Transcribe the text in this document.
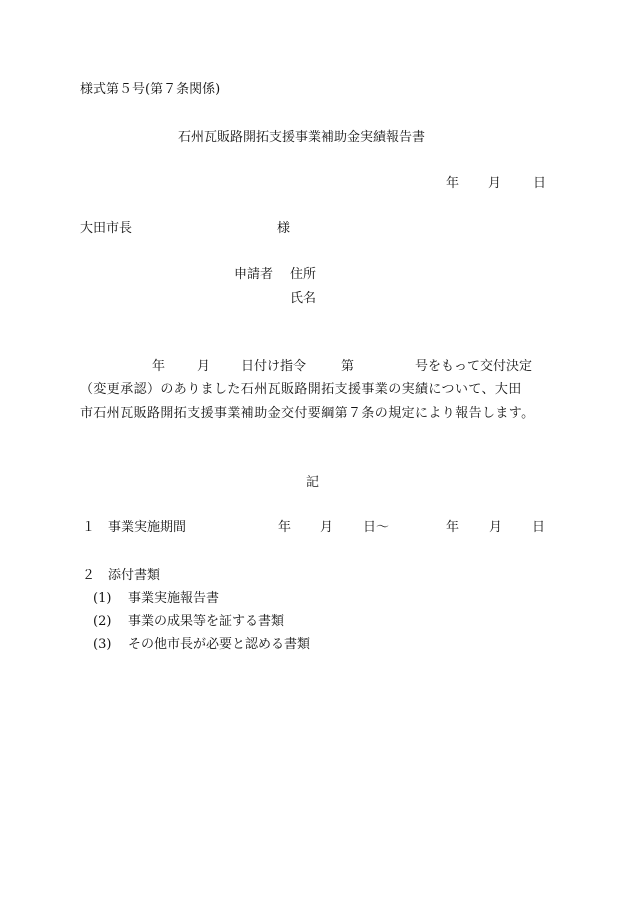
様式第５号(第７条関係)
石州瓦販路開拓支援事業補助金実績報告書
年 月 日
大田市長	様
申請者 住所
氏名
年 月 日付け指令	第	号をもって交付決定
（変更承認）のありました石州瓦販路開拓支援事業の実績について、大田
市石州瓦販路開拓支援事業補助金交付要綱第７条の規定により報告します。
記
１ 事業実施期間	年 月 日～	年 月 日
２ 添付書類
(1) 事業実施報告書
(2) 事業の成果等を証する書類
(3) その他市長が必要と認める書類
